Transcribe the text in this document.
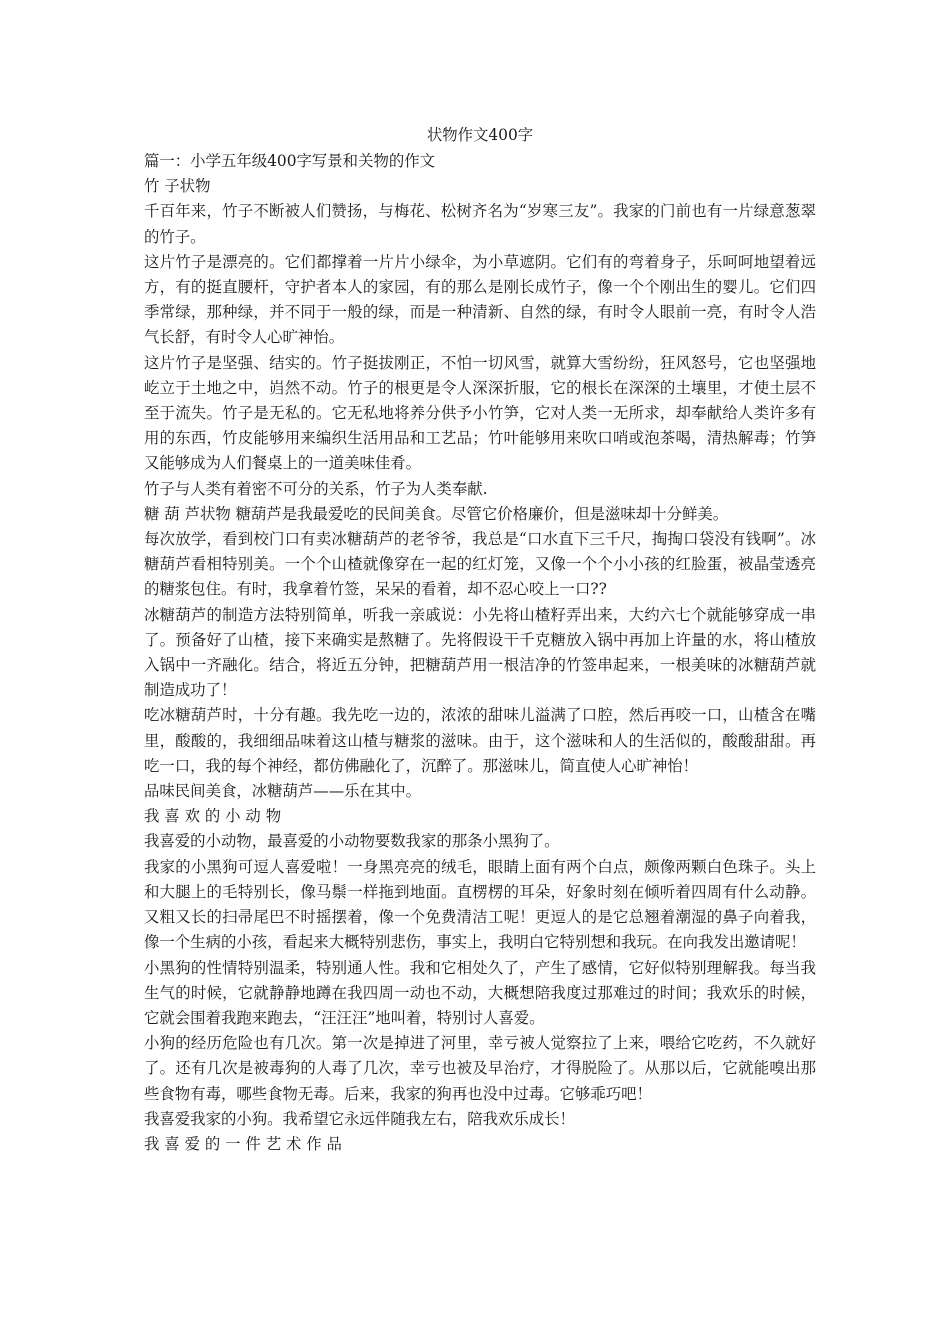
状物作文400字

篇一：小学五年级400字写景和关物的作文

竹 子状物

千百年来，竹子不断被人们赞扬，与梅花、松树齐名为“岁寒三友”。我家的门前也有一片绿意葱翠的竹子。

这片竹子是漂亮的。它们都撑着一片片小绿伞，为小草遮阴。它们有的弯着身子，乐呵呵地望着远方，有的挺直腰杆，守护者本人的家园，有的那么是刚长成竹子，像一个个刚出生的婴儿。它们四季常绿，那种绿，并不同于一般的绿，而是一种清新、自然的绿，有时令人眼前一亮，有时令人浩气长舒，有时令人心旷神怡。

这片竹子是坚强、结实的。竹子挺拔刚正，不怕一切风雪，就算大雪纷纷，狂风怒号，它也坚强地屹立于土地之中，岿然不动。竹子的根更是令人深深折服，它的根长在深深的土壤里，才使土层不至于流失。竹子是无私的。它无私地将养分供予小竹笋，它对人类一无所求，却奉献给人类许多有用的东西，竹皮能够用来编织生活用品和工艺品；竹叶能够用来吹口哨或泡茶喝，清热解毒；竹笋又能够成为人们餐桌上的一道美味佳肴。

竹子与人类有着密不可分的关系，竹子为人类奉献.

糖 葫 芦状物 糖葫芦是我最爱吃的民间美食。尽管它价格廉价，但是滋味却十分鲜美。

每次放学，看到校门口有卖冰糖葫芦的老爷爷，我总是“口水直下三千尺，掏掏口袋没有钱啊”。冰糖葫芦看相特别美。一个个山楂就像穿在一起的红灯笼，又像一个个小小孩的红脸蛋，被晶莹透亮的糖浆包住。有时，我拿着竹签，呆呆的看着，却不忍心咬上一口??

冰糖葫芦的制造方法特别简单，听我一亲戚说：小先将山楂籽弄出来，大约六七个就能够穿成一串了。预备好了山楂，接下来确实是熬糖了。先将假设干千克糖放入锅中再加上许量的水，将山楂放入锅中一齐融化。结合，将近五分钟，把糖葫芦用一根洁净的竹签串起来，一根美味的冰糖葫芦就制造成功了！

吃冰糖葫芦时，十分有趣。我先吃一边的，浓浓的甜味儿溢满了口腔，然后再咬一口，山楂含在嘴里，酸酸的，我细细品味着这山楂与糖浆的滋味。由于，这个滋味和人的生活似的，酸酸甜甜。再吃一口，我的每个神经，都仿佛融化了，沉醉了。那滋味儿，简直使人心旷神怡！

品味民间美食，冰糖葫芦——乐在其中。

我 喜 欢 的 小 动 物

我喜爱的小动物，最喜爱的小动物要数我家的那条小黑狗了。

我家的小黑狗可逗人喜爱啦！一身黑亮亮的绒毛，眼睛上面有两个白点，颇像两颗白色珠子。头上和大腿上的毛特别长，像马鬃一样拖到地面。直楞楞的耳朵，好象时刻在倾听着四周有什么动静。又粗又长的扫帚尾巴不时摇摆着，像一个免费清洁工呢！更逗人的是它总翘着潮湿的鼻子向着我，像一个生病的小孩，看起来大概特别悲伤，事实上，我明白它特别想和我玩。在向我发出邀请呢！

小黑狗的性情特别温柔，特别通人性。我和它相处久了，产生了感情，它好似特别理解我。每当我生气的时候，它就静静地蹲在我四周一动也不动，大概想陪我度过那难过的时间；我欢乐的时候，它就会围着我跑来跑去，“汪汪汪”地叫着，特别讨人喜爱。

小狗的经历危险也有几次。第一次是掉进了河里，幸亏被人觉察拉了上来，喂给它吃药，不久就好了。还有几次是被毒狗的人毒了几次，幸亏也被及早治疗，才得脱险了。从那以后，它就能嗅出那些食物有毒，哪些食物无毒。后来，我家的狗再也没中过毒。它够乖巧吧！

我喜爱我家的小狗。我希望它永远伴随我左右，陪我欢乐成长！

我 喜 爱 的 一 件 艺 术 作 品
